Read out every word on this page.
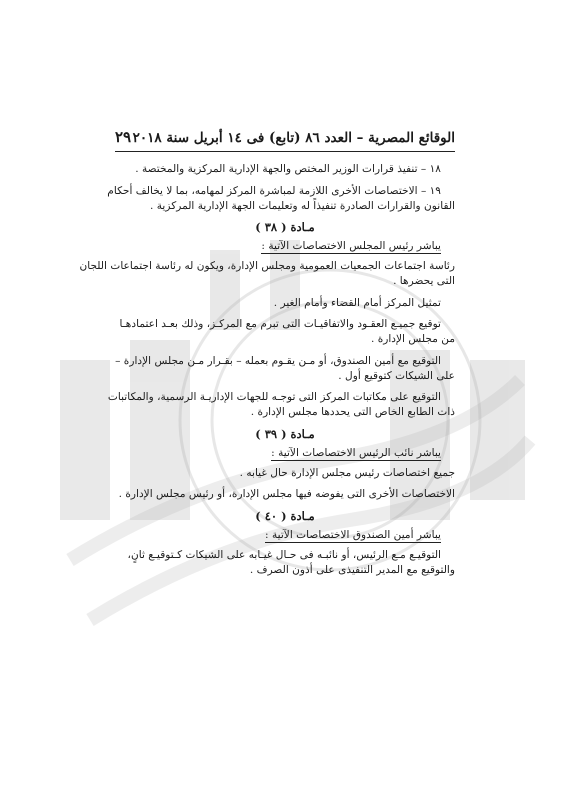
الوقائع المصرية – العدد ٨٦ (تابع) فى ١٤ أبريل سنة ٢٠١٨
٢٩

١٨ – تنفيذ قرارات الوزير المختص والجهة الإدارية المركزية والمختصة .

١٩ – الاختصاصات الأخرى اللازمة لمباشرة المركز لمهامه، بما لا يخالف أحكام

القانون والقرارات الصادرة تنفيذاً له وتعليمات الجهة الإدارية المركزية .

مـادة ( ٣٨ )

يباشر رئيس المجلس الاختصاصات الآتية :

رئاسة اجتماعات الجمعيات العمومية ومجلس الإدارة، ويكون له رئاسة اجتماعات اللجان

التى يحضرها .

تمثيل المركز أمام القضاء وأمام الغير .

توقيع جميـع العقـود والاتفاقيـات التى تبرم مع المركـز، وذلك بعـد اعتمادهـا

من مجلس الإدارة .

التوقيع مع أمين الصندوق، أو مـن يقـوم بعمله – بقـرار مـن مجلس الإدارة –

على الشيكات كتوقيع أول .

التوقيع على مكاتبات المركز التى توجـه للجهات الإداريـة الرسمية، والمكاتبات

ذات الطابع الخاص التى يحددها مجلس الإدارة .

مـادة ( ٣٩ )

يباشر نائب الرئيس الاختصاصات الآتية :

جميع اختصاصات رئيس مجلس الإدارة حال غيابه .

الاختصاصات الأخرى التى يفوضه فيها مجلس الإدارة، أو رئيس مجلس الإدارة .

مـادة ( ٤٠ )

يباشر أمين الصندوق الاختصاصات الآتية :

التوقيـع مـع الرئيس، أو نائبـه فى حـال غيـابه على الشيكات كـتوقيـع ثانٍ،

والتوقيع مع المدير التنفيذى على أذون الصرف .
